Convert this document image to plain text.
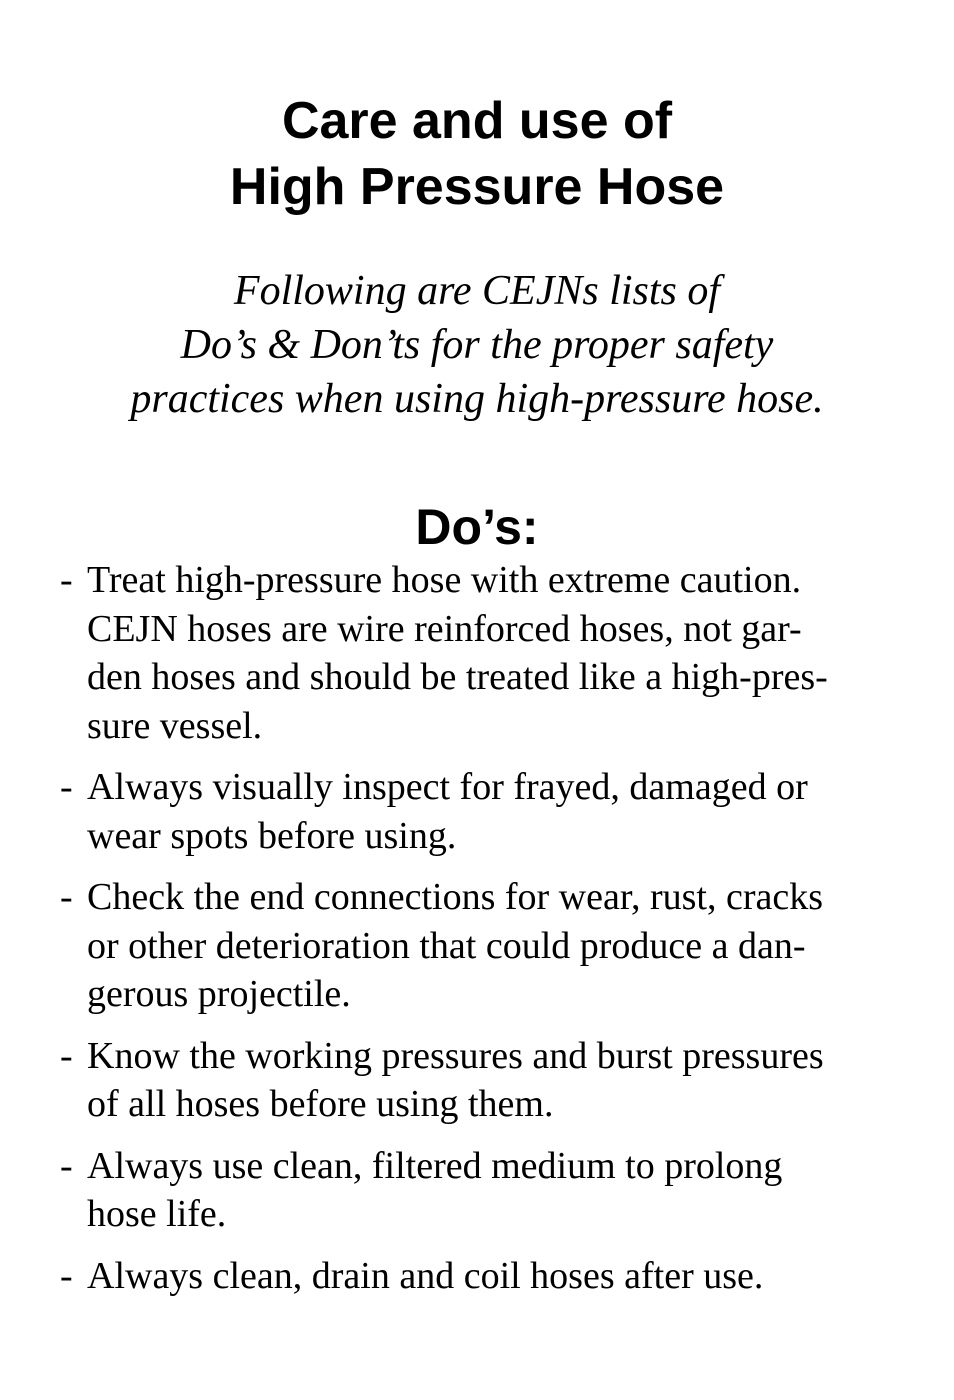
Care and use of
High Pressure Hose
Following are CEJNs lists of
Do’s & Don’ts for the proper safety
practices when using high-pressure hose.
Do’s:
- Treat high-pressure hose with extreme caution.
CEJN hoses are wire reinforced hoses, not gar-
den hoses and should be treated like a high-pres-
sure vessel.
- Always visually inspect for frayed, damaged or
wear spots before using.
- Check the end connections for wear, rust, cracks
or other deterioration that could produce a dan-
gerous projectile.
- Know the working pressures and burst pressures
of all hoses before using them.
- Always use clean, filtered medium to prolong
hose life.
- Always clean, drain and coil hoses after use.
